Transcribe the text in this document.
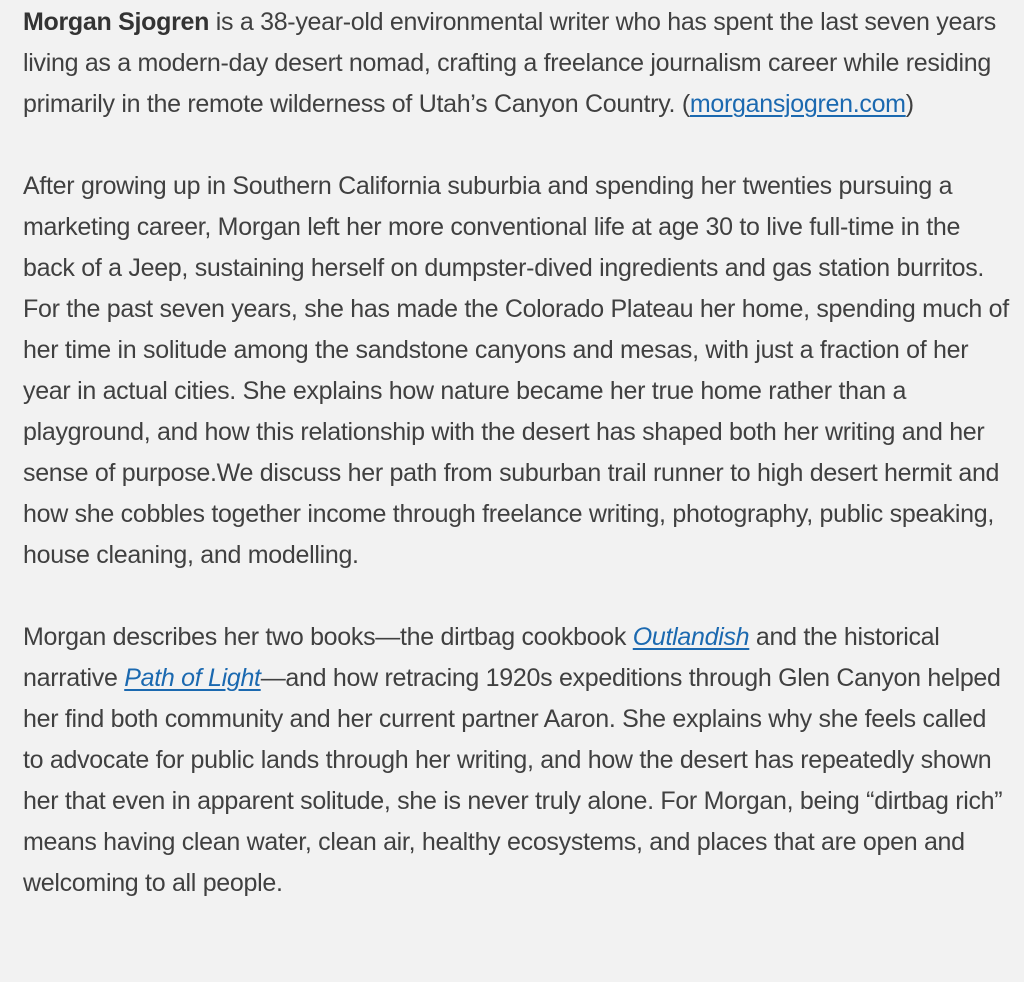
Morgan Sjogren is a 38-year-old environmental writer who has spent the last seven years living as a modern-day desert nomad, crafting a freelance journalism career while residing primarily in the remote wilderness of Utah’s Canyon Country. (morgansjogren.com)

After growing up in Southern California suburbia and spending her twenties pursuing a marketing career, Morgan left her more conventional life at age 30 to live full-time in the back of a Jeep, sustaining herself on dumpster-dived ingredients and gas station burritos. For the past seven years, she has made the Colorado Plateau her home, spending much of her time in solitude among the sandstone canyons and mesas, with just a fraction of her year in actual cities. She explains how nature became her true home rather than a playground, and how this relationship with the desert has shaped both her writing and her sense of purpose.We discuss her path from suburban trail runner to high desert hermit and how she cobbles together income through freelance writing, photography, public speaking, house cleaning, and modelling.

Morgan describes her two books—the dirtbag cookbook Outlandish and the historical narrative Path of Light—and how retracing 1920s expeditions through Glen Canyon helped her find both community and her current partner Aaron. She explains why she feels called to advocate for public lands through her writing, and how the desert has repeatedly shown her that even in apparent solitude, she is never truly alone. For Morgan, being “dirtbag rich” means having clean water, clean air, healthy ecosystems, and places that are open and welcoming to all people.
